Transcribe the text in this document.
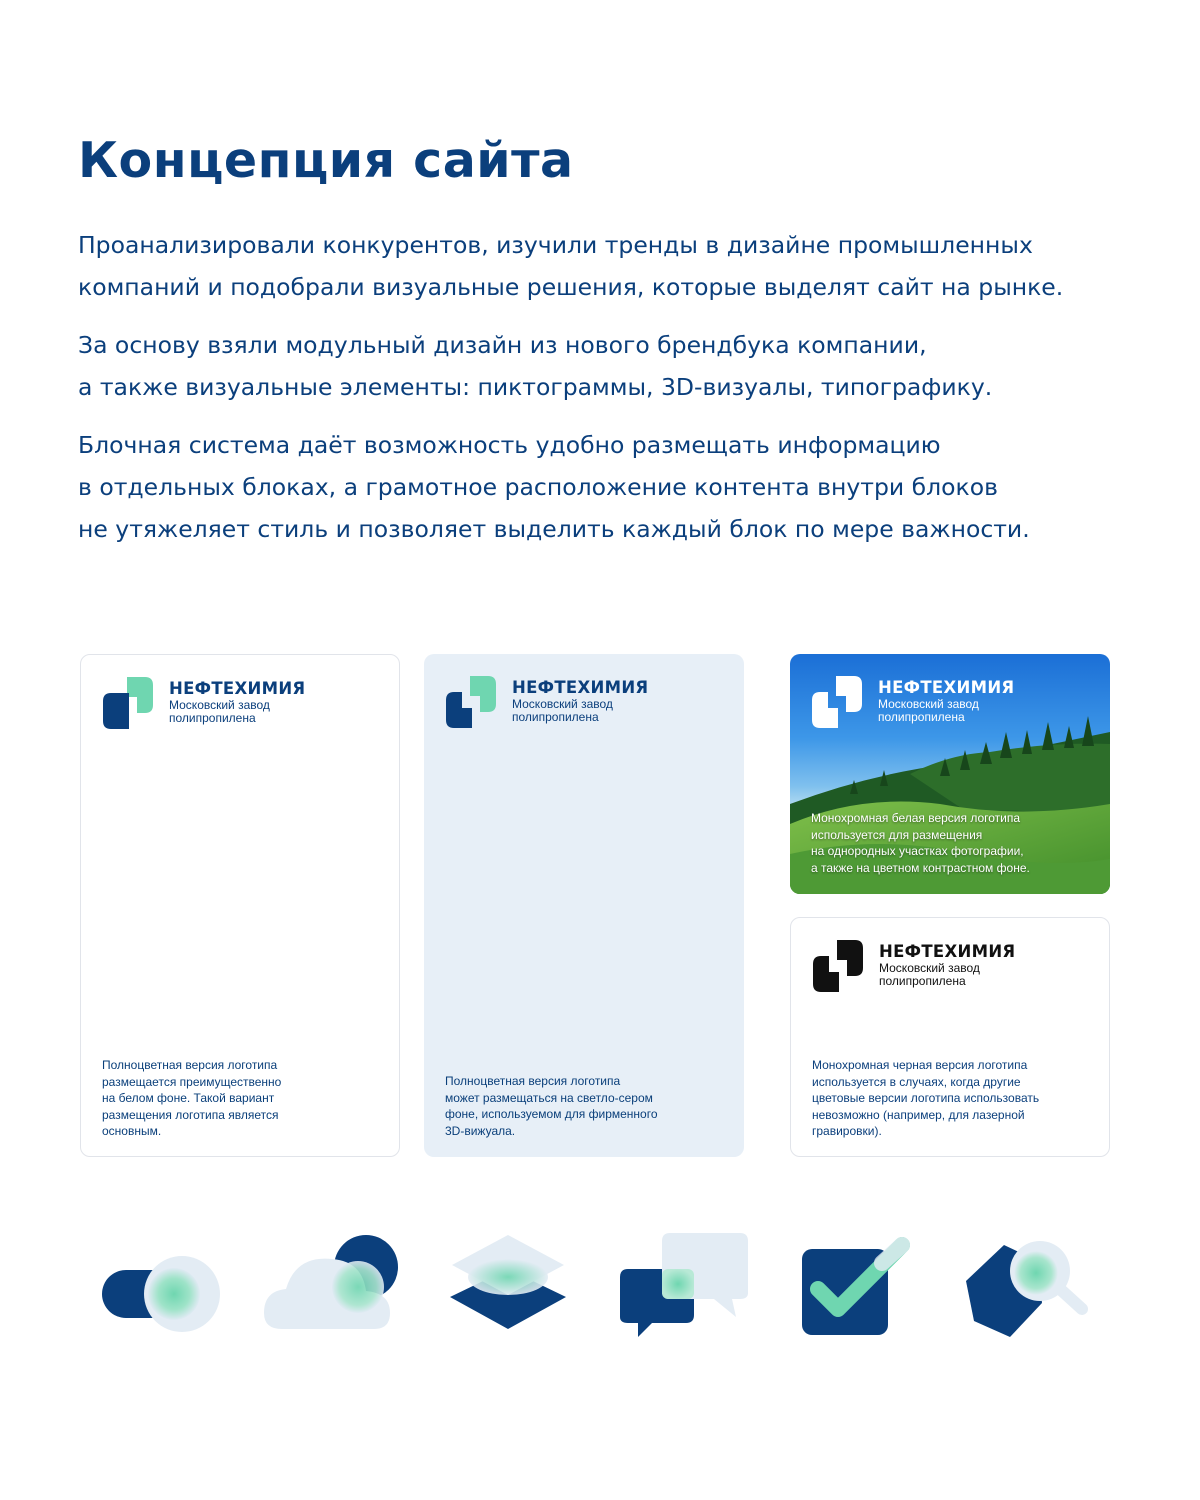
Концепция сайта

Проанализировали конкурентов, изучили тренды в дизайне промышленных
компаний и подобрали визуальные решения, которые выделят сайт на рынке.

За основу взяли модульный дизайн из нового брендбука компании,
а также визуальные элементы: пиктограммы, 3D-визуалы, типографику.

Блочная система даёт возможность удобно размещать информацию
в отдельных блоках, а грамотное расположение контента внутри блоков
не утяжеляет стиль и позволяет выделить каждый блок по мере важности.

НЕФТЕХИМИЯ
Московский завод
полипропилена
Полноцветная версия логотипа
размещается преимущественно
на белом фоне. Такой вариант
размещения логотипа является
основным.
НЕФТЕХИМИЯ
Московский завод
полипропилена
Полноцветная версия логотипа
может размещаться на светло-сером
фоне, используемом для фирменного
3D-вижуала.
НЕФТЕХИМИЯ
Московский завод
полипропилена
Монохромная белая версия логотипа
используется для размещения
на однородных участках фотографии,
а также на цветном контрастном фоне.
НЕФТЕХИМИЯ
Московский завод
полипропилена
Монохромная черная версия логотипа
используется в случаях, когда другие
цветовые версии логотипа использовать
невозможно (например, для лазерной
гравировки).
